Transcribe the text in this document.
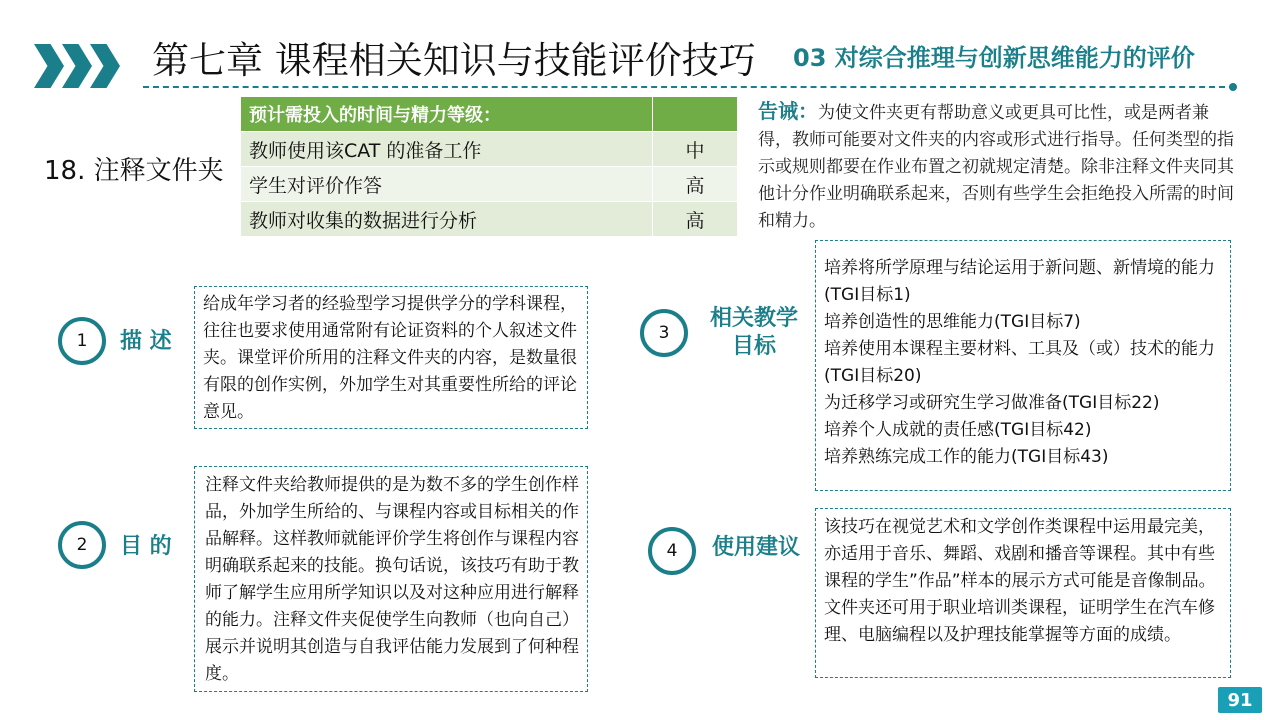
第七章 课程相关知识与技能评价技巧 03 对综合推理与创新思维能力的评价
18. 注释文件夹
预计需投入的时间与精力等级：	
教师使用该CAT 的准备工作	中
学生对评价作答	高
教师对收集的数据进行分析	高
告诫：为使文件夹更有帮助意义或更具可比性，或是两者兼得，教师可能要对文件夹的内容或形式进行指导。任何类型的指示或规则都要在作业布置之初就规定清楚。除非注释文件夹同其他计分作业明确联系起来，否则有些学生会拒绝投入所需的时间和精力。
1	描 述
给成年学习者的经验型学习提供学分的学科课程，往往也要求使用通常附有论证资料的个人叙述文件夹。课堂评价所用的注释文件夹的内容，是数量很有限的创作实例，外加学生对其重要性所给的评论意见。
2	目 的
注释文件夹给教师提供的是为数不多的学生创作样品，外加学生所给的、与课程内容或目标相关的作品解释。这样教师就能评价学生将创作与课程内容明确联系起来的技能。换句话说，该技巧有助于教师了解学生应用所学知识以及对这种应用进行解释的能力。注释文件夹促使学生向教师（也向自己）展示并说明其创造与自我评估能力发展到了何种程度。
3
相关教学
目标
培养将所学原理与结论运用于新问题、新情境的能力(TGI目标1)
培养创造性的思维能力(TGI目标7)
培养使用本课程主要材料、工具及（或）技术的能力(TGI目标20)
为迁移学习或研究生学习做准备(TGI目标22)
培养个人成就的责任感(TGI目标42)
培养熟练完成工作的能力(TGI目标43)
4	使用建议
该技巧在视觉艺术和文学创作类课程中运用最完美，亦适用于音乐、舞蹈、戏剧和播音等课程。其中有些课程的学生”作品”样本的展示方式可能是音像制品。文件夹还可用于职业培训类课程，证明学生在汽车修理、电脑编程以及护理技能掌握等方面的成绩。
91
